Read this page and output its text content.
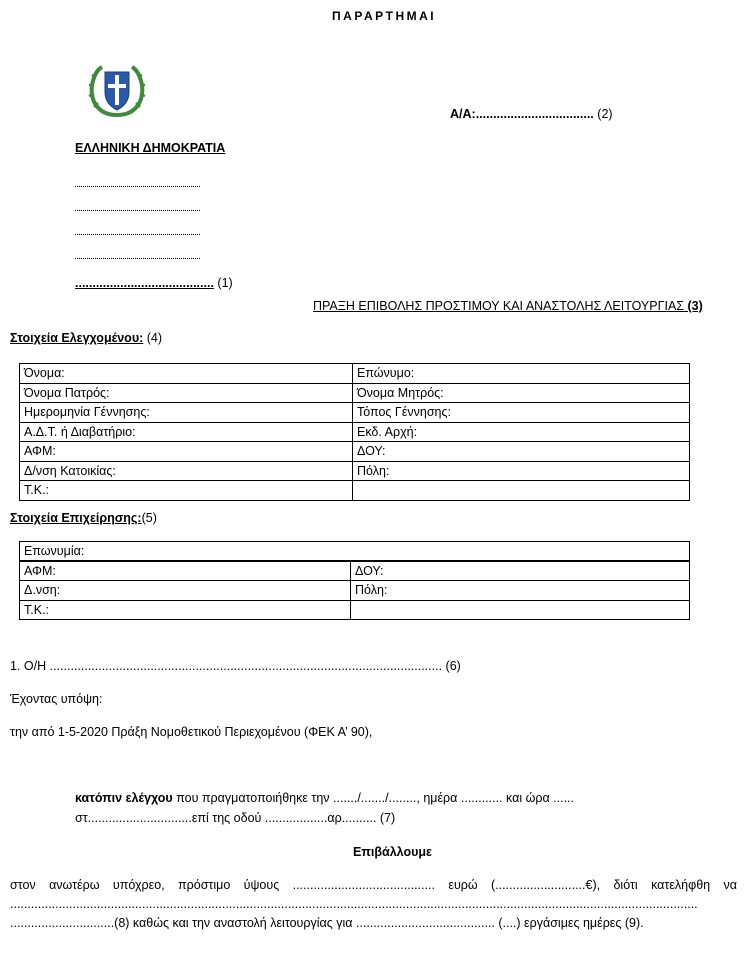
ΠΑΡΑΡΤΗΜΑΙ
ΕΛΛΗΝΙΚΗ ΔΗΜΟΚΡΑΤΙΑ
........................................ (1)
Α/Α:.................................. (2)
ΠΡΑΞΗ ΕΠΙΒΟΛΗΣ ΠΡΟΣΤΙΜΟΥ ΚΑΙ ΑΝΑΣΤΟΛΗΣ ΛΕΙΤΟΥΡΓΙΑΣ (3)
Στοιχεία Ελεγχομένου: (4)
Όνομα:	Επώνυμο:
Όνομα Πατρός:	Όνομα Μητρός:
Ημερομηνία Γέννησης:	Τόπος Γέννησης:
Α.Δ.Τ. ή Διαβατήριο:	Εκδ. Αρχή:
ΑΦΜ:	ΔΟΥ:
Δ/νση Κατοικίας:	Πόλη:
Τ.Κ.:	
Στοιχεία Επιχείρησης:(5)
Επωνυμία:	
ΑΦΜ:	ΔΟΥ:
Δ.νση:	Πόλη:
Τ.Κ.:	
1. Ο/Η ................................................................................................................. (6)
Έχοντας υπόψη:
την από 1-5-2020 Πράξη Νομοθετικού Περιεχομένου (ΦΕΚ Α’ 90),
κατόπιν ελέγχου που πραγματοποιήθηκε την ......./......./........, ημέρα ............ και ώρα ......
στ..............................επί της οδού ..................αρ.......... (7)
Επιβάλλουμε
στον ανωτέρω υπόχρεο, πρόστιμο ύψους ......................................... ευρώ (..........................€), διότι κατελήφθη να
......................................................................................................................................................................................................
..............................(8) καθώς και την αναστολή λειτουργίας για ........................................ (....) εργάσιμες ημέρες (9).
